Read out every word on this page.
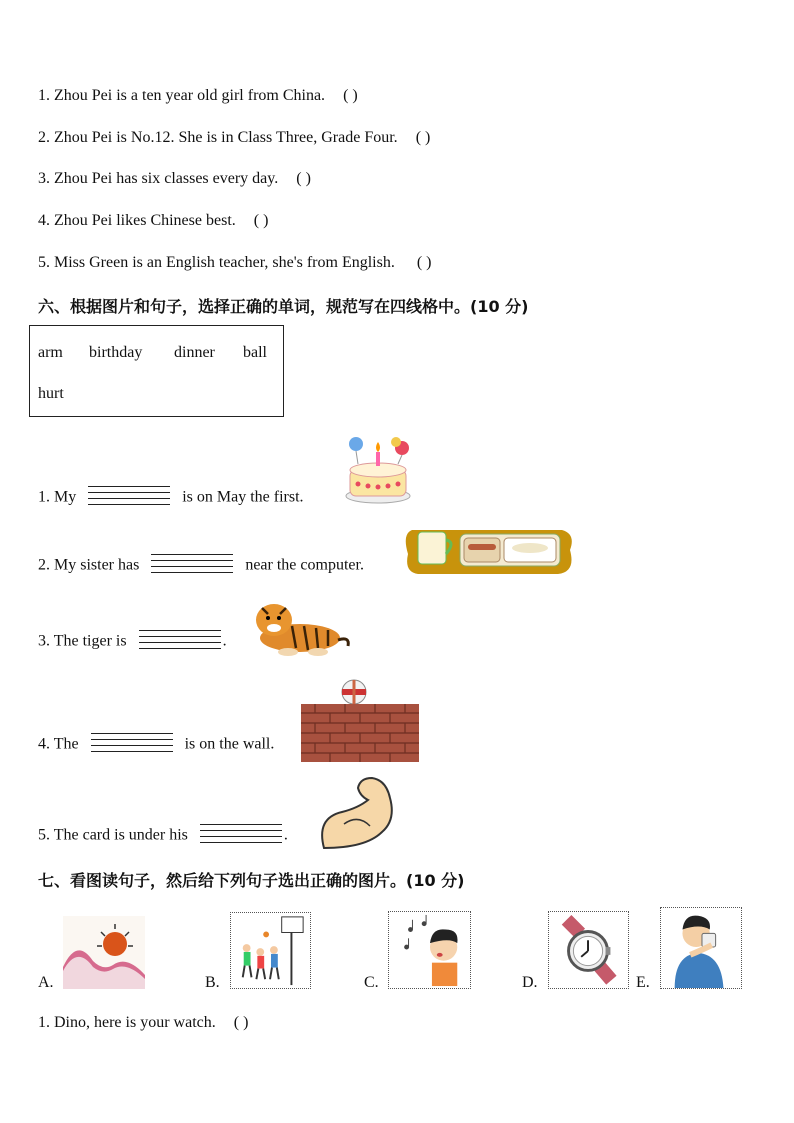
1. Zhou Pei is a ten year old girl from China. ( )
2. Zhou Pei is No.12. She is in Class Three, Grade Four. ( )
3. Zhou Pei has six classes every day. ( )
4. Zhou Pei likes Chinese best. ( )
5. Miss Green is an English teacher, she's from English. ( )
六、根据图片和句子，选择正确的单词，规范写在四线格中。(10 分)
arm birthday dinner ball
hurt
1. My	is on May the first.
2. My sister has	near the computer.
3. The tiger is	.
4. The	is on the wall.
5. The card is under his	.
七、看图读句子，然后给下列句子选出正确的图片。(10 分)
A.	B.	C.	D.	E.
1. Dino, here is your watch. ( )
